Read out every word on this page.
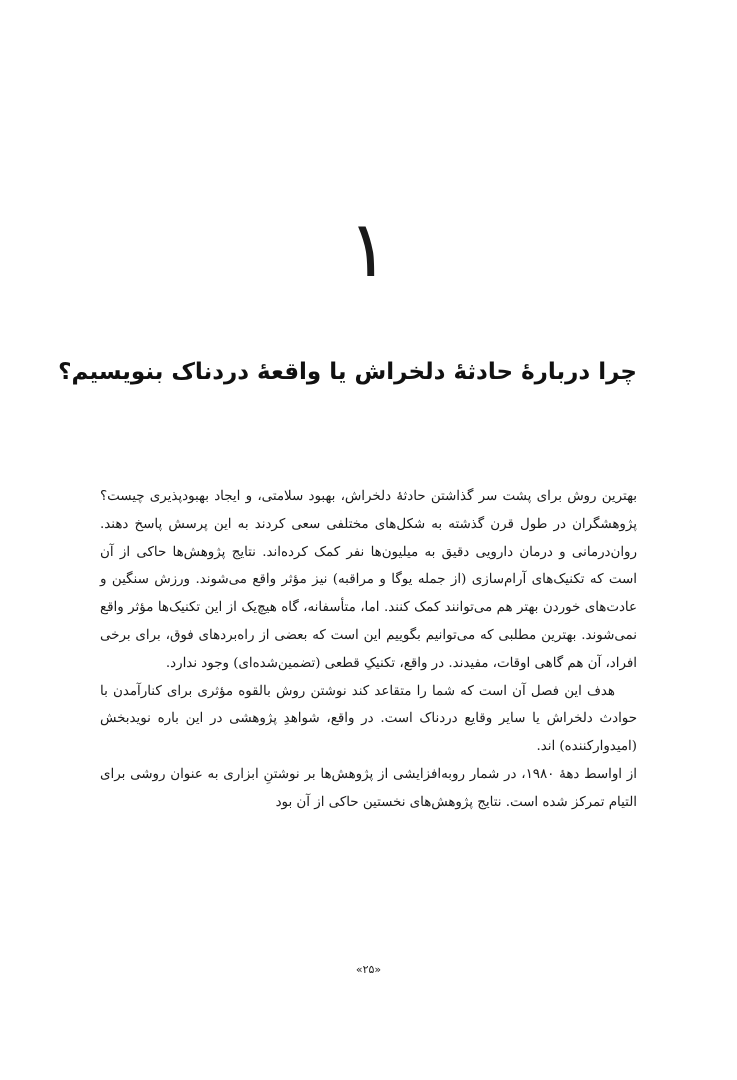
۱
چرا دربارۀ حادثۀ دلخراش یا واقعۀ دردناک بنویسیم؟

بهترین روش برای پشت سر گذاشتن حادثۀ دلخراش، بهبود سلامتی، و ایجاد بهبودپذیری چیست؟ پژوهشگران در طول قرن گذشته به شکل‌های مختلفی سعی کردند به این پرسش پاسخ دهند. روان‌درمانی و درمان دارویی دقیق به میلیون‌ها نفر کمک کرده‌اند. نتایج پژوهش‌ها حاکی از آن است که تکنیک‌های آرام‌سازی (از جمله یوگا و مراقبه) نیز مؤثر واقع می‌شوند. ورزش سنگین و عادت‌های خوردن بهتر هم می‌توانند کمک کنند. اما، متأسفانه، گاه هیچ‌یک از این تکنیک‌ها مؤثر واقع نمی‌شوند. بهترین مطلبی که می‌توانیم بگوییم این است که بعضی از راه‌بردهای فوق، برای برخی افراد، آن هم گاهی اوقات، مفیدند. در واقع، تکنیکِ قطعی (تضمین‌شده‌ای) وجود ندارد.

هدف این فصل آن است که شما را متقاعد کند نوشتن روش بالقوه مؤثری برای کنارآمدن با حوادث دلخراش یا سایر وقایع دردناک است. در واقع، شواهدِ پژوهشی در این باره نویدبخش (امیدوارکننده) اند.

از اواسط دهۀ ۱۹۸۰، در شمار روبه‌افزایشی از پژوهش‌ها بر نوشتنِ ابزاری به عنوان روشی برای التیام تمرکز شده است. نتایج پژوهش‌های نخستین حاکی از آن بود

«۲۵»
